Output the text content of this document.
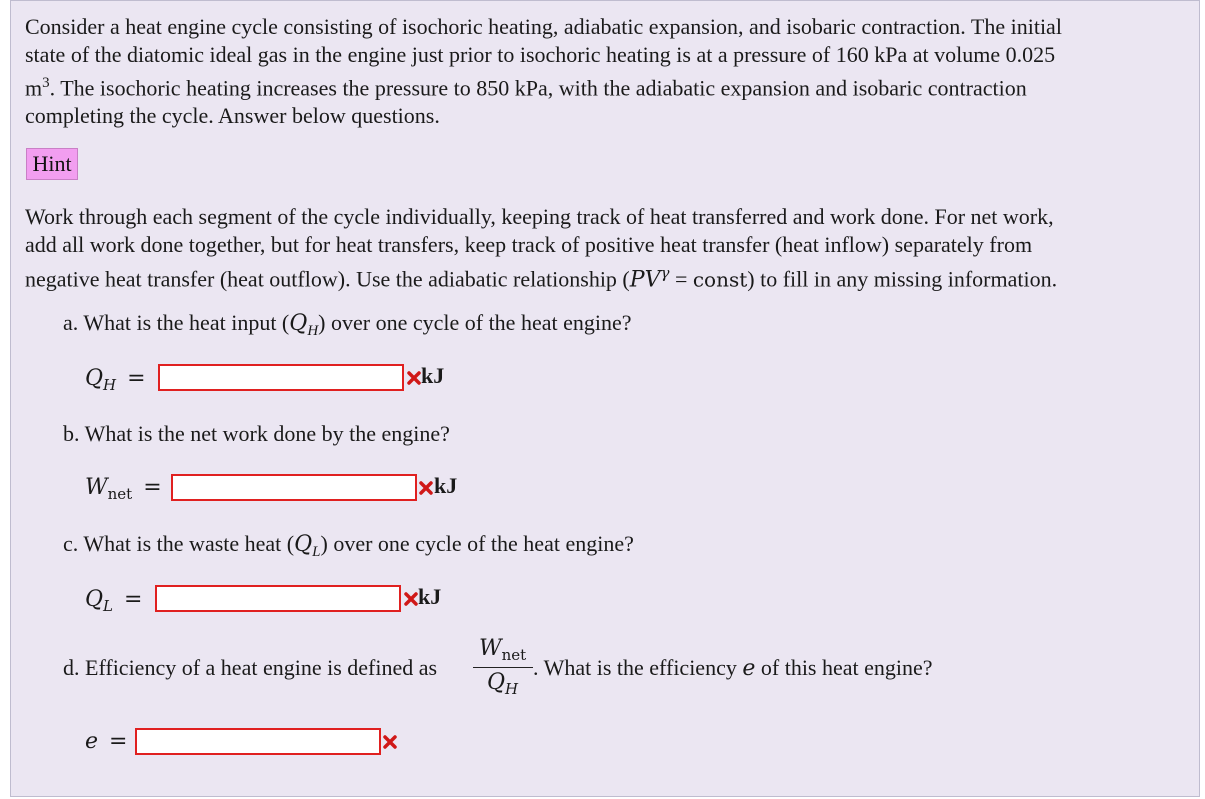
Consider a heat engine cycle consisting of isochoric heating, adiabatic expansion, and isobaric contraction. The initial
state of the diatomic ideal gas in the engine just prior to isochoric heating is at a pressure of 160 kPa at volume 0.025
$m^3$. The isochoric heating increases the pressure to 850 kPa, with the adiabatic expansion and isobaric contraction
completing the cycle. Answer below questions.
Hint
Work through each segment of the cycle individually, keeping track of heat transferred and work done. For net work,
add all work done together, but for heat transfers, keep track of positive heat transfer (heat inflow) separately from
negative heat transfer (heat outflow). Use the adiabatic relationship ($PV^\gamma$ = const) to fill in any missing information.
a. What is the heat input $(Q_H)$ over one cycle of the heat engine?
$Q_H$ =	kJ
b. What is the net work done by the engine?
$W_{net}$ =	kJ
c. What is the waste heat $(Q_L)$ over one cycle of the heat engine?
$Q_L$ =	kJ
d. Efficiency of a heat engine is defined as
$W_{net}$
$Q_H$
. What is the efficiency e of this heat engine?
e =
